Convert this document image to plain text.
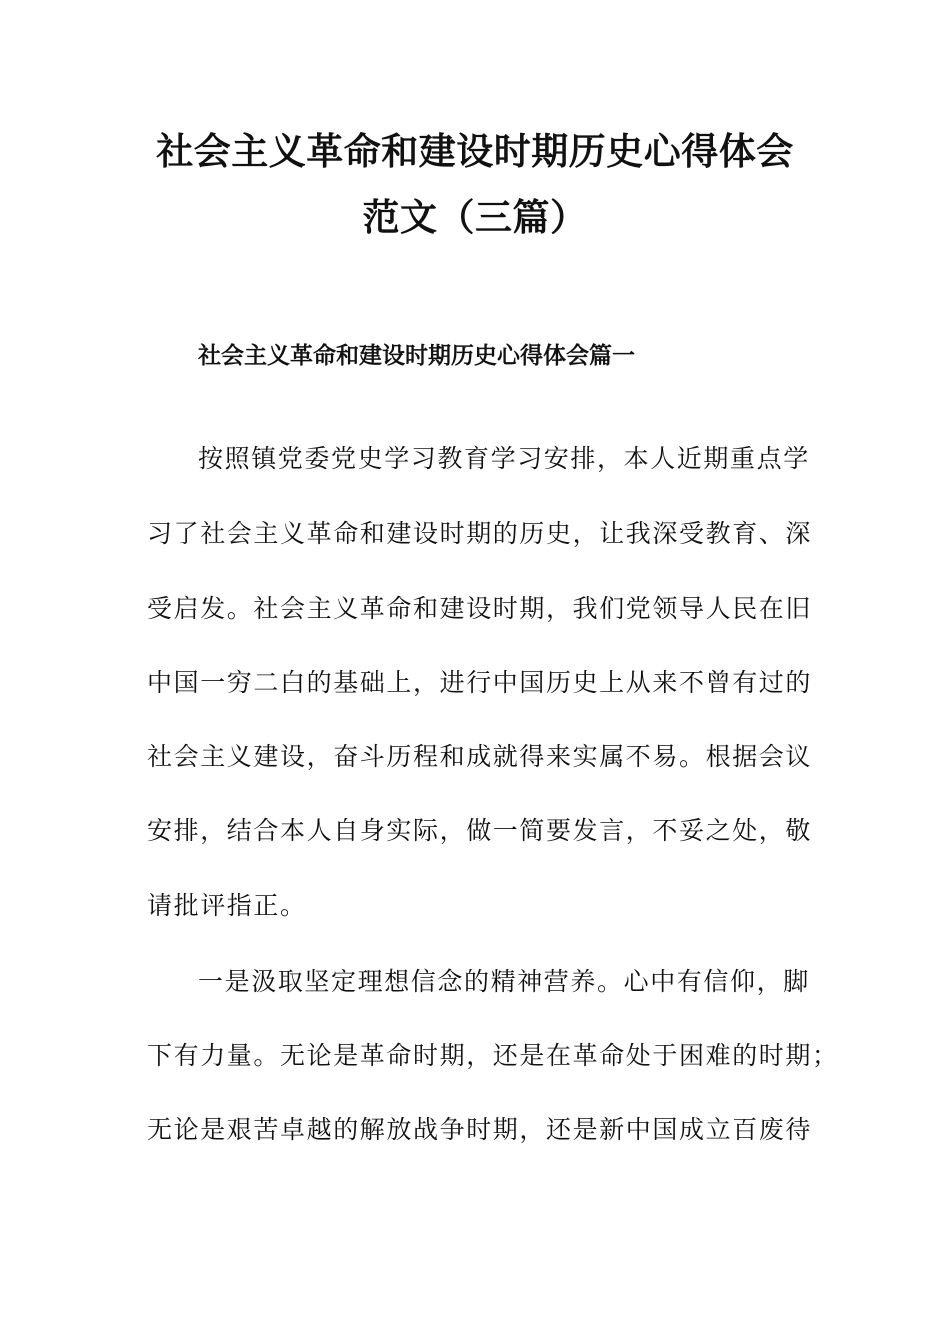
社会主义革命和建设时期历史心得体会
范文（三篇）
社会主义革命和建设时期历史心得体会篇一

按照镇党委党史学习教育学习安排，本人近期重点学

习了社会主义革命和建设时期的历史，让我深受教育、深

受启发。社会主义革命和建设时期，我们党领导人民在旧

中国一穷二白的基础上，进行中国历史上从来不曾有过的

社会主义建设，奋斗历程和成就得来实属不易。根据会议

安排，结合本人自身实际，做一简要发言，不妥之处，敬

请批评指正。

一是汲取坚定理想信念的精神营养。心中有信仰，脚

下有力量。无论是革命时期，还是在革命处于困难的时期；

无论是艰苦卓越的解放战争时期，还是新中国成立百废待
